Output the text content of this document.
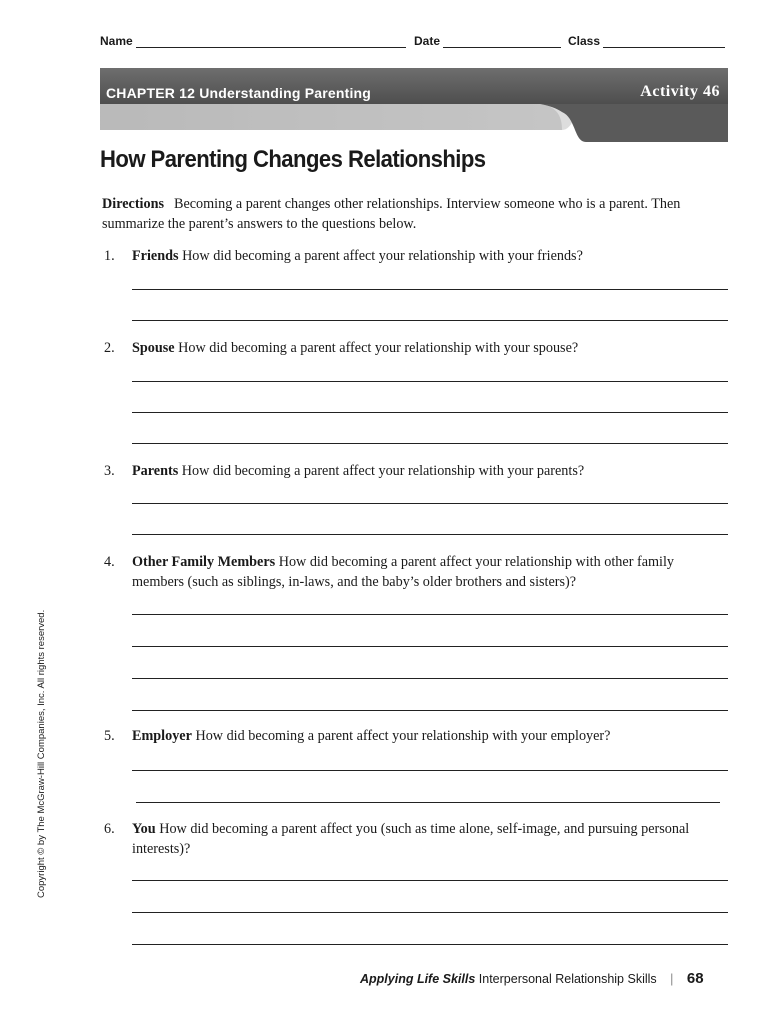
Name	Date	Class
CHAPTER 12 Understanding Parenting	Activity 46
How Parenting Changes Relationships
Directions Becoming a parent changes other relationships. Interview someone who is a parent. Then summarize the parent’s answers to the questions below.
1. Friends How did becoming a parent affect your relationship with your friends?
2. Spouse How did becoming a parent affect your relationship with your spouse?
3. Parents How did becoming a parent affect your relationship with your parents?
4. Other Family Members How did becoming a parent affect your relationship with other family members (such as siblings, in-laws, and the baby’s older brothers and sisters)?
5. Employer How did becoming a parent affect your relationship with your employer?
6. You How did becoming a parent affect you (such as time alone, self-image, and pursuing personal interests)?
Copyright © by The McGraw-Hill Companies, Inc. All rights reserved.
Applying Life Skills Interpersonal Relationship Skills | 68
